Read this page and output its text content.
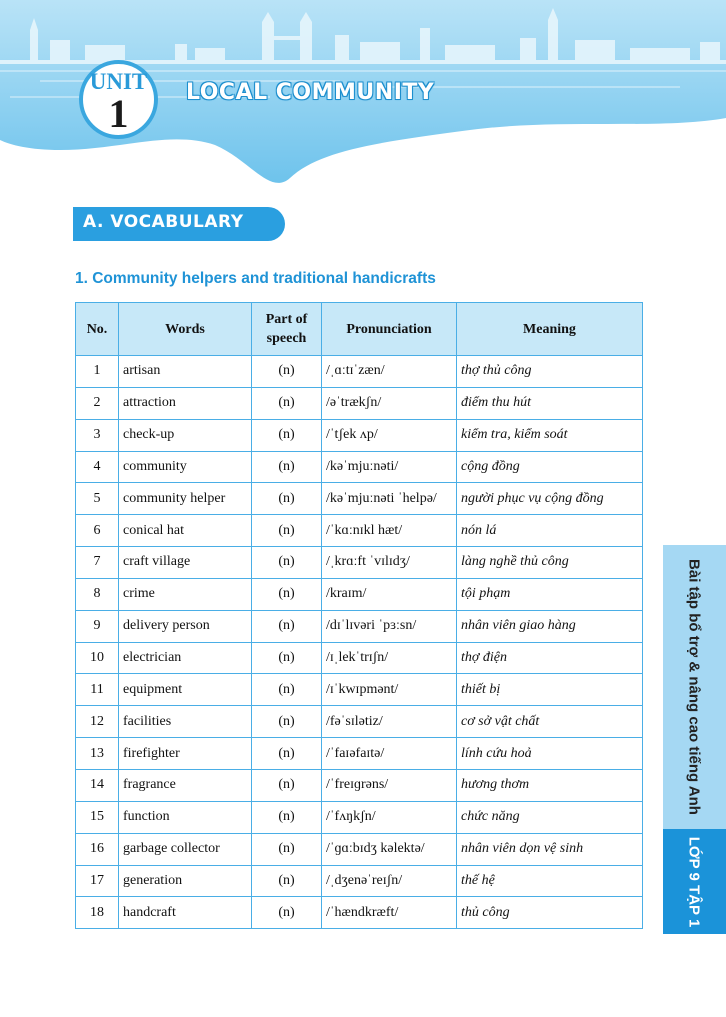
UNIT
1	LOCAL COMMUNITY
A. VOCABULARY
1. Community helpers and traditional handicrafts
No.	Words	Part of speech	Pronunciation	Meaning
1	artisan	(n)	/ˌɑːtɪˈzæn/	thợ thủ công
2	attraction	(n)	/əˈtrækʃn/	điểm thu hút
3	check-up	(n)	/ˈtʃek ʌp/	kiểm tra, kiểm soát
4	community	(n)	/kəˈmjuːnəti/	cộng đồng
5	community helper	(n)	/kəˈmjuːnəti ˈhelpə/	người phục vụ cộng đồng
6	conical hat	(n)	/ˈkɑːnɪkl hæt/	nón lá
7	craft village	(n)	/ˌkrɑːft ˈvɪlɪdʒ/	làng nghề thủ công
8	crime	(n)	/kraɪm/	tội phạm
9	delivery person	(n)	/dɪˈlɪvəri ˈpɜːsn/	nhân viên giao hàng
10	electrician	(n)	/ɪˌlekˈtrɪʃn/	thợ điện
11	equipment	(n)	/ɪˈkwɪpmənt/	thiết bị
12	facilities	(n)	/fəˈsɪlətiz/	cơ sở vật chất
13	firefighter	(n)	/ˈfaɪəfaɪtə/	lính cứu hoả
14	fragrance	(n)	/ˈfreɪɡrəns/	hương thơm
15	function	(n)	/ˈfʌŋkʃn/	chức năng
16	garbage collector	(n)	/ˈɡɑːbɪdʒ kəlektə/	nhân viên dọn vệ sinh
17	generation	(n)	/ˌdʒenəˈreɪʃn/	thế hệ
18	handcraft	(n)	/ˈhændkræft/	thủ công
Bài tập bổ trợ & nâng cao tiếng Anh
LỚP 9 TẬP 1
